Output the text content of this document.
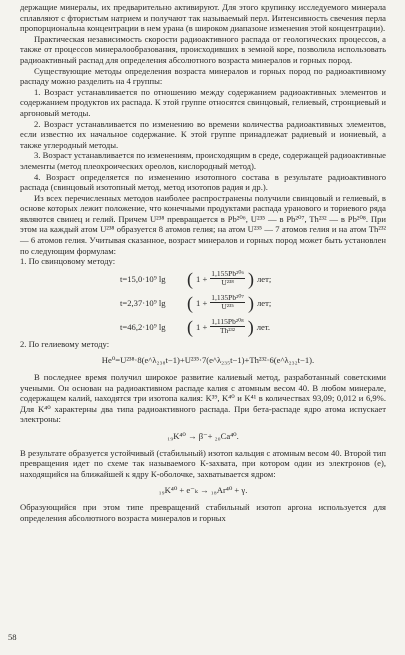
держащие минералы, их предварительно активируют. Для этого крупинку исследуемого минерала сплавляют с фтористым натрием и получают так называемый перл. Интенсивность свечения перла пропорциональна концентрации в нем урана (в широком диапазоне изменения этой концентрации).

Практическая независимость скорости радиоактивного распада от геологических процессов, а также от процессов минералообразования, происходивших в земной коре, позволила использовать радиоактивный распад для определения абсолютного возраста минералов и горных пород.

Существующие методы определения возраста минералов и горных пород по радиоактивному распаду можно разделить на 4 группы:

1. Возраст устанавливается по отношению между содержанием радиоактивных элементов и содержанием продуктов их распада. К этой группе относятся свинцовый, гелиевый, стронциевый и аргоновый методы.

2. Возраст устанавливается по изменению во времени количества радиоактивных элементов, если известно их начальное содержание. К этой группе принадлежат радиевый и иониевый, а также углеродный методы.

3. Возраст устанавливается по изменениям, происходящим в среде, содержащей радиоактивные элементы (метод плеохроических ореолов, кислородный метод).

4. Возраст определяется по изменению изотопного состава в результате радиоактивного распада (свинцовый изотопный метод, метод изотопов радия и др.).

Из всех перечисленных методов наиболее распространены получили свинцовый и гелиевый, в основе которых лежит положение, что конечными продуктами распада уранового и ториевого ряда являются свинец и гелий. Причем U²³⁸ превращается в Pb²⁰⁶, U²³⁵ — в Pb²⁰⁷, Th²³² — в Pb²⁰⁸. При этом на каждый атом U²³⁸ образуется 8 атомов гелия; на атом U²³⁵ — 7 атомов гелия и на атом Th²³² — 6 атомов гелия. Учитывая сказанное, возраст минералов и горных пород может быть установлен по следующим формулам:

1. По свинцовому методу:

t=15,0·10⁹ lg	( $1 + \frac{\text{1,155Pb²⁰⁶}}{\text{U²³⁸}}$ ) лет;
t=2,37·10⁹ lg	( $1 + \frac{\text{1,135Pb²⁰⁷}}{\text{U²³⁵}}$ ) лет;
t=46,2·10⁹ lg	( $1 + \frac{\text{1,115Pb²⁰⁸}}{\text{Th²³²}}$ ) лет.

2. По гелиевому методу:

He⁰=U²³⁸·8(e^λ₂₃₈t−1)+U²³⁵·7(e^λ₂₃₅t−1)+Th²³²·6(e^λ₂₃₂t−1).

В последнее время получил широкое развитие калиевый метод, разработанный советскими учеными. Он основан на радиоактивном распаде калия с атомным весом 40. В любом минерале, содержащем калий, находятся три изотопа калия: K³⁹, K⁴⁰ и K⁴¹ в количествах 93,09; 0,012 и 6,9%. Для K⁴⁰ характерны два типа радиоактивного распада. При бета-распаде ядро атома испускает электроны:

₁₉K⁴⁰ → β⁻+ ₂₀Ca⁴⁰.

В результате образуется устойчивый (стабильный) изотоп кальция с атомным весом 40. Второй тип превращения идет по схеме так называемого К-захвата, при котором один из электронов (e), находящийся на ближайшей к ядру К-оболочке, захватывается ядром:

₁₉K⁴⁰ + e⁻ₖ → ₁₈Ar⁴⁰ + γ.

Образующийся при этом типе превращений стабильный изотоп аргона используется для определения абсолютного возраста минералов и горных

58
